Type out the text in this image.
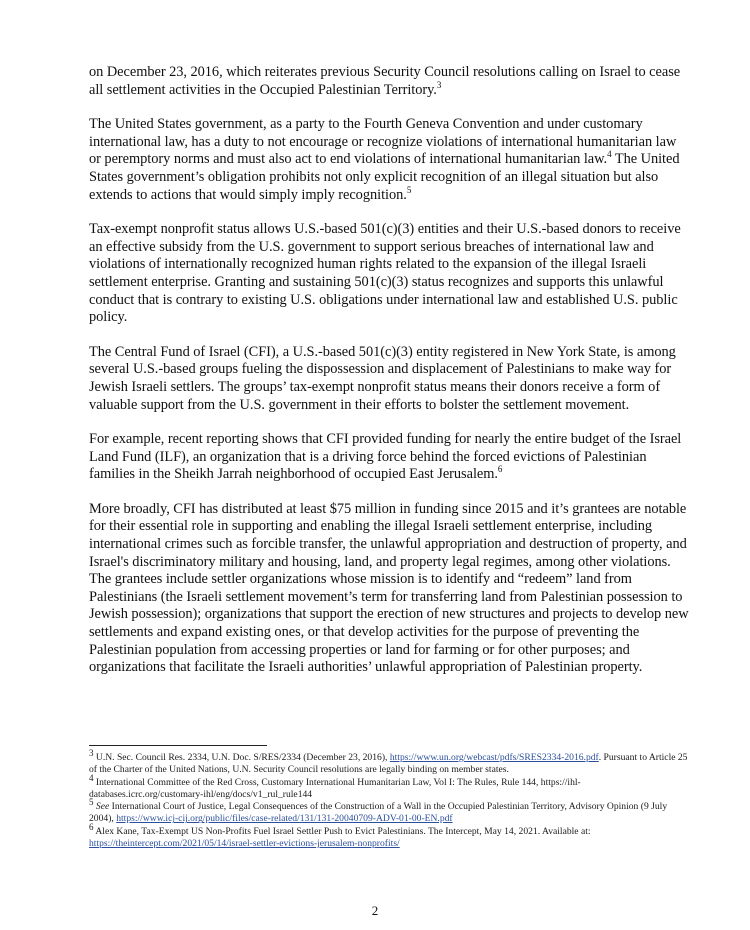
on December 23, 2016, which reiterates previous Security Council resolutions calling on Israel to cease all settlement activities in the Occupied Palestinian Territory.$^3$

The United States government, as a party to the Fourth Geneva Convention and under customary international law, has a duty to not encourage or recognize violations of international humanitarian law or peremptory norms and must also act to end violations of international humanitarian law.$^4$ The United States government’s obligation prohibits not only explicit recognition of an illegal situation but also extends to actions that would simply imply recognition.$^5$

Tax-exempt nonprofit status allows U.S.-based 501(c)(3) entities and their U.S.-based donors to receive an effective subsidy from the U.S. government to support serious breaches of international law and violations of internationally recognized human rights related to the expansion of the illegal Israeli settlement enterprise. Granting and sustaining 501(c)(3) status recognizes and supports this unlawful conduct that is contrary to existing U.S. obligations under international law and established U.S. public policy.

The Central Fund of Israel (CFI), a U.S.-based 501(c)(3) entity registered in New York State, is among several U.S.-based groups fueling the dispossession and displacement of Palestinians to make way for Jewish Israeli settlers. The groups’ tax-exempt nonprofit status means their donors receive a form of valuable support from the U.S. government in their efforts to bolster the settlement movement.

For example, recent reporting shows that CFI provided funding for nearly the entire budget of the Israel Land Fund (ILF), an organization that is a driving force behind the forced evictions of Palestinian families in the Sheikh Jarrah neighborhood of occupied East Jerusalem.$^6$

More broadly, CFI has distributed at least $75 million in funding since 2015 and it’s grantees are notable for their essential role in supporting and enabling the illegal Israeli settlement enterprise, including international crimes such as forcible transfer, the unlawful appropriation and destruction of property, and Israel's discriminatory military and housing, land, and property legal regimes, among other violations. The grantees include settler organizations whose mission is to identify and “redeem” land from Palestinians (the Israeli settlement movement’s term for transferring land from Palestinian possession to Jewish possession); organizations that support the erection of new structures and projects to develop new settlements and expand existing ones, or that develop activities for the purpose of preventing the Palestinian population from accessing properties or land for farming or for other purposes; and organizations that facilitate the Israeli authorities’ unlawful appropriation of Palestinian property.

$^3$ U.N. Sec. Council Res. 2334, U.N. Doc. S/RES/2334 (December 23, 2016), https://www.un.org/webcast/pdfs/SRES2334-2016.pdf. Pursuant to Article 25 of the Charter of the United Nations, U.N. Security Council resolutions are legally binding on member states.

$^4$ International Committee of the Red Cross, Customary International Humanitarian Law, Vol I: The Rules, Rule 144, https://ihl-databases.icrc.org/customary-ihl/eng/docs/v1_rul_rule144

$^5$ See International Court of Justice, Legal Consequences of the Construction of a Wall in the Occupied Palestinian Territory, Advisory Opinion (9 July 2004), https://www.icj-cij.org/public/files/case-related/131/131-20040709-ADV-01-00-EN.pdf

$^6$ Alex Kane, Tax-Exempt US Non-Profits Fuel Israel Settler Push to Evict Palestinians. The Intercept, May 14, 2021. Available at: https://theintercept.com/2021/05/14/israel-settler-evictions-jerusalem-nonprofits/

2
